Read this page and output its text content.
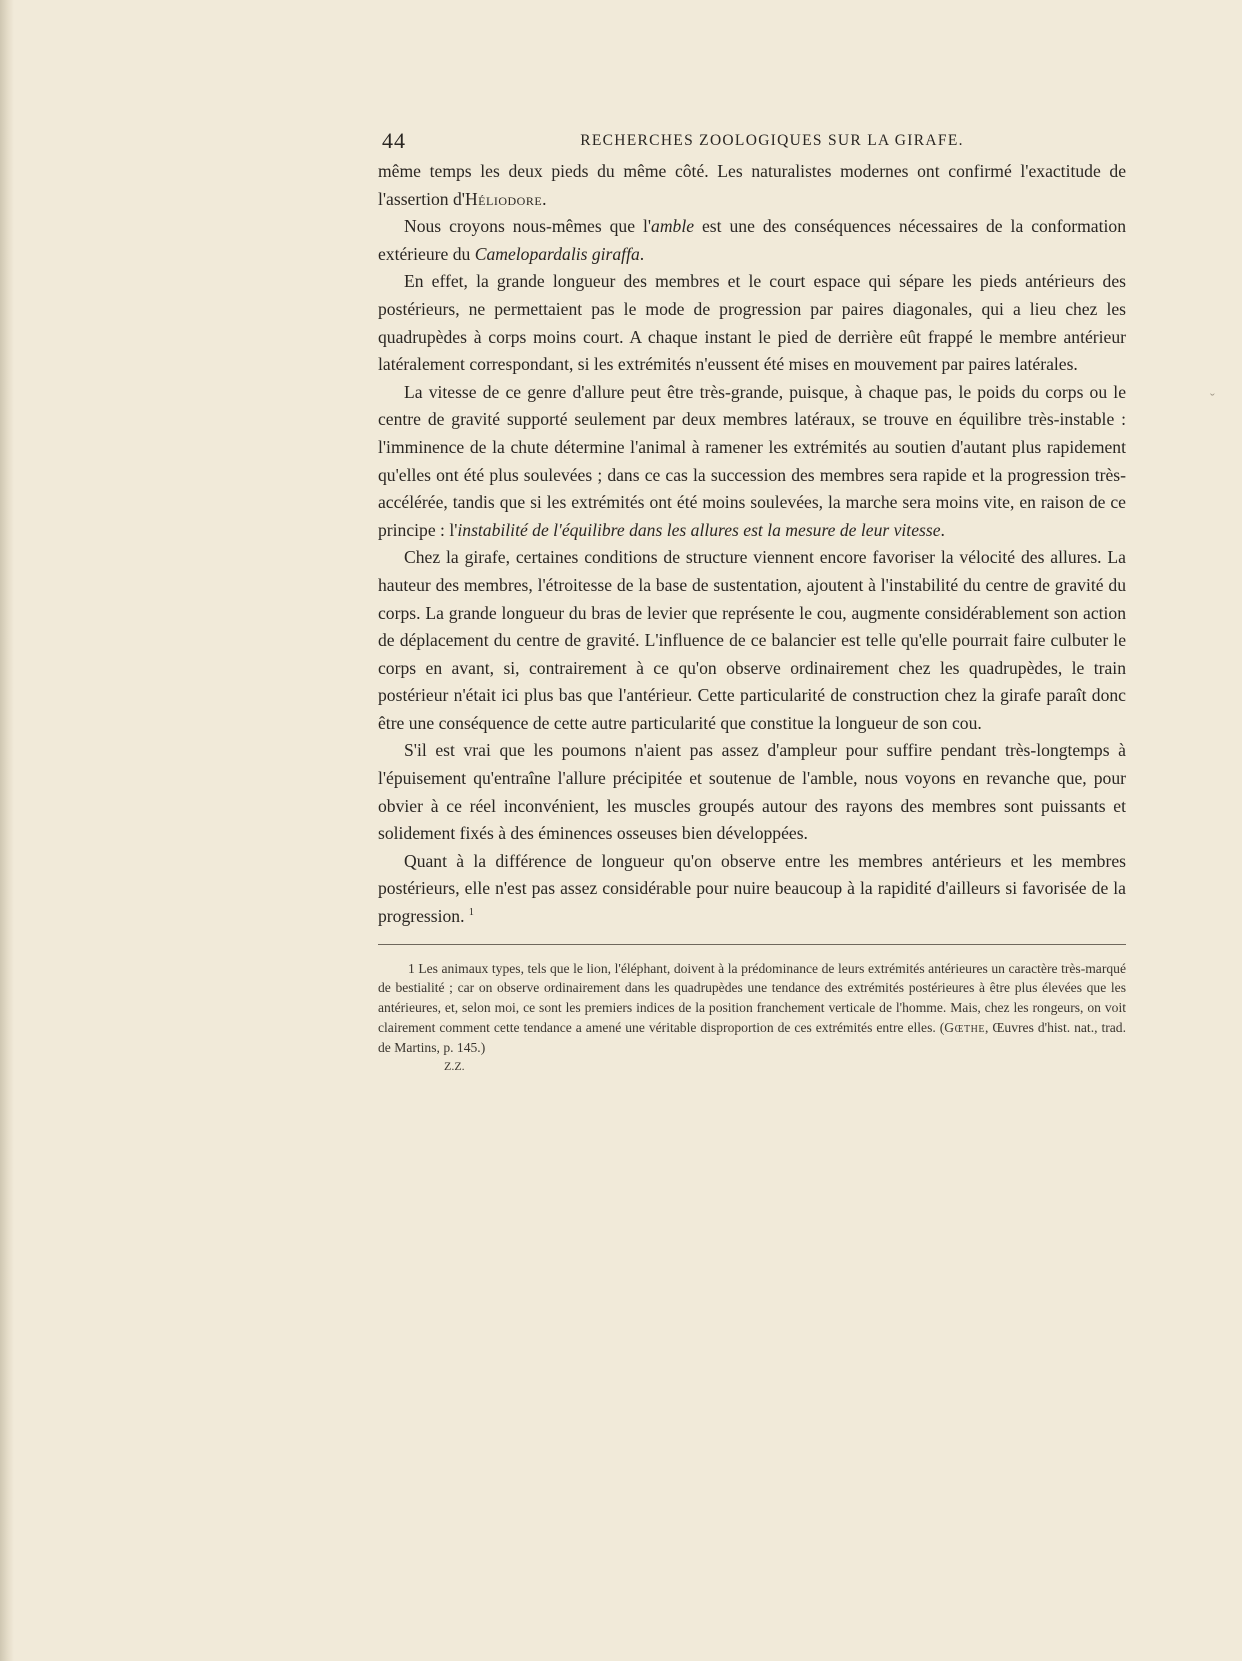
44	RECHERCHES ZOOLOGIQUES SUR LA GIRAFE.

même temps les deux pieds du même côté. Les naturalistes modernes ont confirmé l'exactitude de l'assertion d'Héliodore.

Nous croyons nous-mêmes que l'amble est une des conséquences nécessaires de la conformation extérieure du Camelopardalis giraffa.

En effet, la grande longueur des membres et le court espace qui sépare les pieds antérieurs des postérieurs, ne permettaient pas le mode de progression par paires diagonales, qui a lieu chez les quadrupèdes à corps moins court. A chaque instant le pied de derrière eût frappé le membre antérieur latéralement correspondant, si les extrémités n'eussent été mises en mouvement par paires latérales.

La vitesse de ce genre d'allure peut être très-grande, puisque, à chaque pas, le poids du corps ou le centre de gravité supporté seulement par deux membres latéraux, se trouve en équilibre très-instable : l'imminence de la chute détermine l'animal à ramener les extrémités au soutien d'autant plus rapidement qu'elles ont été plus soulevées ; dans ce cas la succession des membres sera rapide et la progression très-accélérée, tandis que si les extrémités ont été moins soulevées, la marche sera moins vite, en raison de ce principe : l'instabilité de l'équilibre dans les allures est la mesure de leur vitesse.

Chez la girafe, certaines conditions de structure viennent encore favoriser la vélocité des allures. La hauteur des membres, l'étroitesse de la base de sustentation, ajoutent à l'instabilité du centre de gravité du corps. La grande longueur du bras de levier que représente le cou, augmente considérablement son action de déplacement du centre de gravité. L'influence de ce balancier est telle qu'elle pourrait faire culbuter le corps en avant, si, contrairement à ce qu'on observe ordinairement chez les quadrupèdes, le train postérieur n'était ici plus bas que l'antérieur. Cette particularité de construction chez la girafe paraît donc être une conséquence de cette autre particularité que constitue la longueur de son cou.

S'il est vrai que les poumons n'aient pas assez d'ampleur pour suffire pendant très-longtemps à l'épuisement qu'entraîne l'allure précipitée et soutenue de l'amble, nous voyons en revanche que, pour obvier à ce réel inconvénient, les muscles groupés autour des rayons des membres sont puissants et solidement fixés à des éminences osseuses bien développées.

Quant à la différence de longueur qu'on observe entre les membres antérieurs et les membres postérieurs, elle n'est pas assez considérable pour nuire beaucoup à la rapidité d'ailleurs si favorisée de la progression. $^1$

1 Les animaux types, tels que le lion, l'éléphant, doivent à la prédominance de leurs extrémités antérieures un caractère très-marqué de bestialité ; car on observe ordinairement dans les quadrupèdes une tendance des extrémités postérieures à être plus élevées que les antérieures, et, selon moi, ce sont les premiers indices de la position franchement verticale de l'homme. Mais, chez les rongeurs, on voit clairement comment cette tendance a amené une véritable disproportion de ces extrémités entre elles. (Gœthe, Œuvres d'hist. nat., trad. de Martins, p. 145.)

Z.Z.

ˇ
